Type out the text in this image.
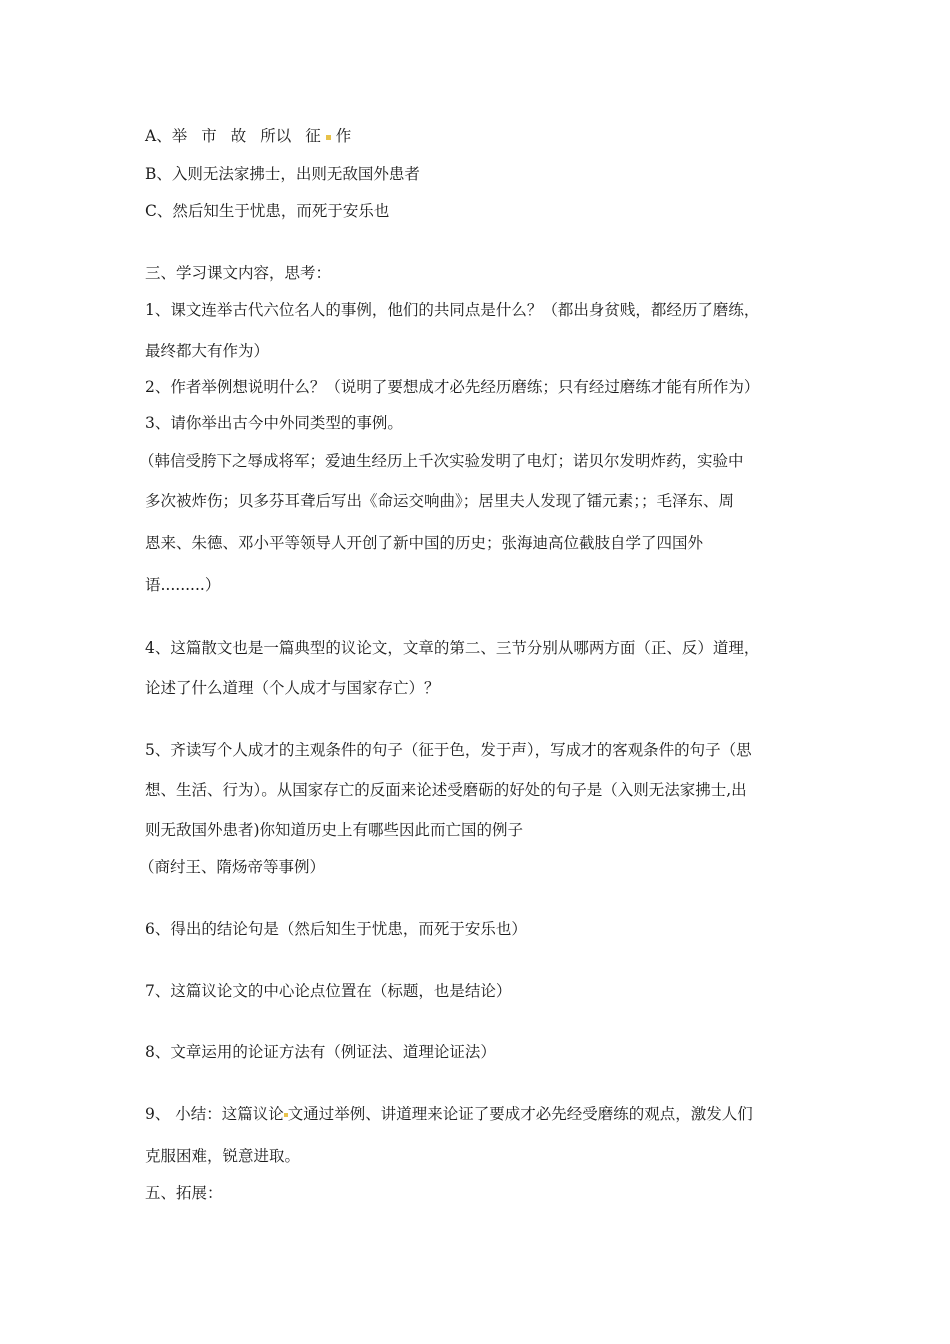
A、举 市 故 所以 征 作
B、入则无法家拂士，出则无敌国外患者
C、然后知生于忧患，而死于安乐也
三、学习课文内容，思考：
1、课文连举古代六位名人的事例，他们的共同点是什么？（都出身贫贱，都经历了磨练，
最终都大有作为）
2、作者举例想说明什么？（说明了要想成才必先经历磨练；只有经过磨练才能有所作为）
3、请你举出古今中外同类型的事例。
（韩信受胯下之辱成将军；爱迪生经历上千次实验发明了电灯；诺贝尔发明炸药，实验中
多次被炸伤；贝多芬耳聋后写出《命运交响曲》；居里夫人发现了镭元素；；毛泽东、周
恩来、朱德、邓小平等领导人开创了新中国的历史；张海迪高位截肢自学了四国外
语.........）
4、这篇散文也是一篇典型的议论文，文章的第二、三节分别从哪两方面（正、反）道理，
论述了什么道理（个人成才与国家存亡）？
5、齐读写个人成才的主观条件的句子（征于色，发于声），写成才的客观条件的句子（思
想、生活、行为）。从国家存亡的反面来论述受磨砺的好处的句子是（入则无法家拂士,出
则无敌国外患者)你知道历史上有哪些因此而亡国的例子
（商纣王、隋炀帝等事例）
6、得出的结论句是（然后知生于忧患，而死于安乐也）
7、这篇议论文的中心论点位置在（标题，也是结论）
8、文章运用的论证方法有（例证法、道理论证法）
9、 小结：这篇议论 文通过举例、讲道理来论证了要成才必先经受磨练的观点，激发人们
克服困难，锐意进取。
五、拓展：
